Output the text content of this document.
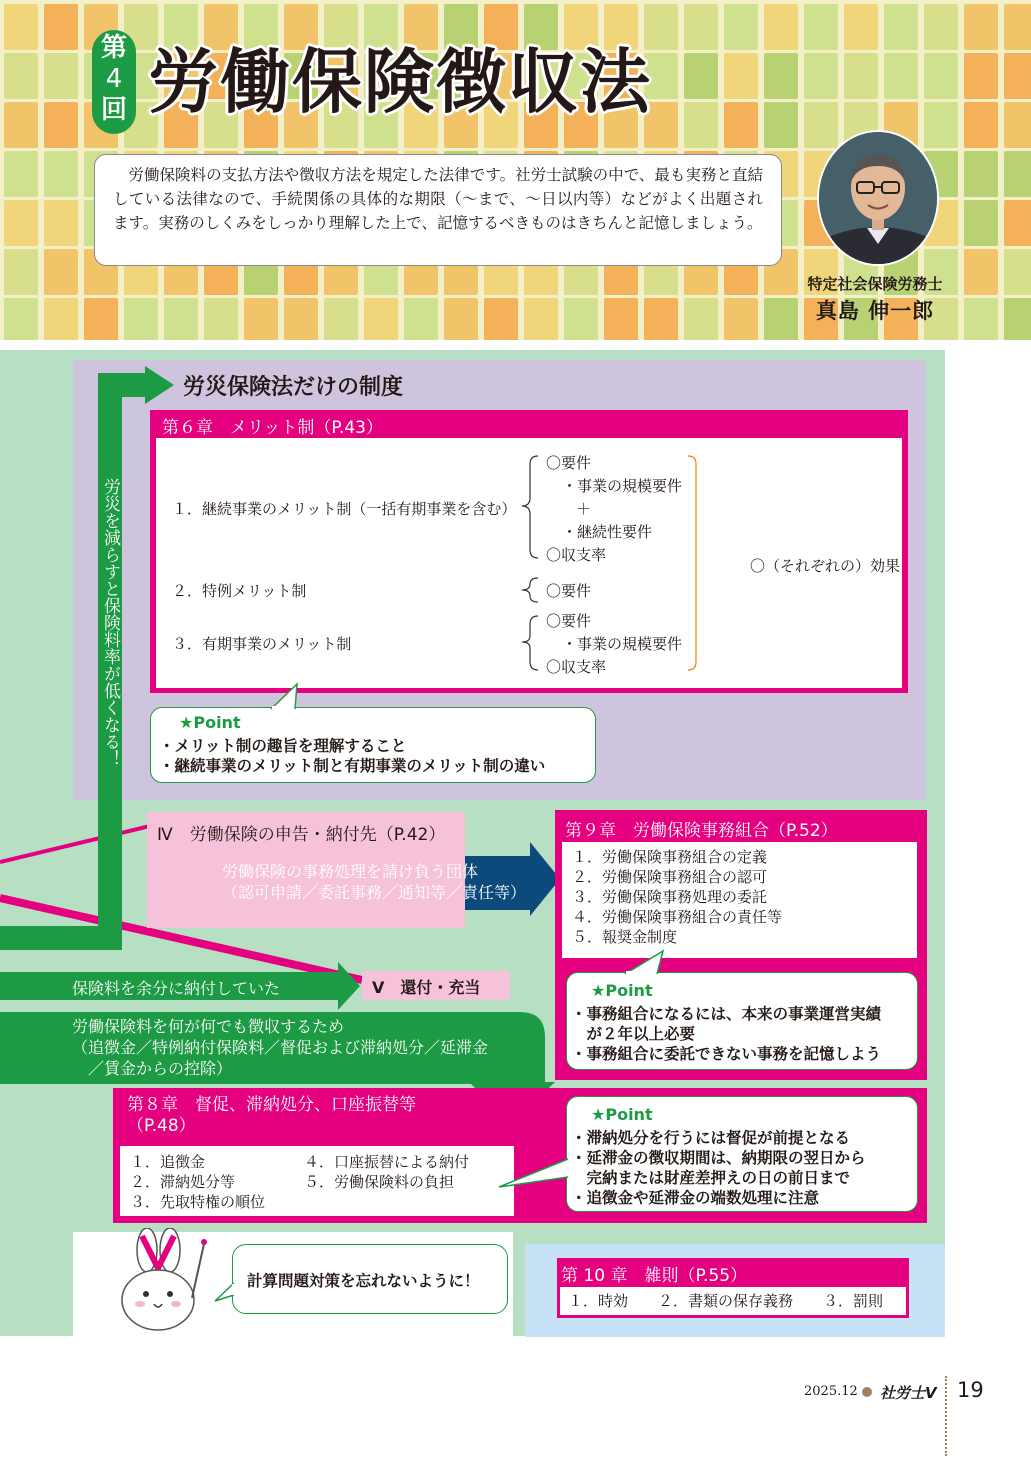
第
4
回 労働保険徴収法
労働保険料の支払方法や徴収方法を規定した法律です。社労士試験の中で、最も実務と直結している法律なので、手続関係の具体的な期限（～まで、～日以内等）などがよく出題されます。実務のしくみをしっかり理解した上で、記憶するべきものはきちんと記憶しましょう。
特定社会保険労務士
真島 伸一郎
労災を減らすと保険料率が低くなる！
労災保険法だけの制度
第６章　メリット制（P.43）
１．継続事業のメリット制（一括有期事業を含む）
２．特例メリット制
３．有期事業のメリット制
〇要件
・事業の規模要件
＋
・継続性要件
〇収支率
〇要件
〇要件
・事業の規模要件
〇収支率
〇（それぞれの）効果
★Point
・メリット制の趣旨を理解すること
・継続事業のメリット制と有期事業のメリット制の違い
Ⅳ　労働保険の申告・納付先（P.42）
労働保険の事務処理を請け負う団体
（認可申請／委託事務／通知等／責任等）
第９章　労働保険事務組合（P.52）
１．労働保険事務組合の定義
２．労働保険事務組合の認可
３．労働保険事務処理の委託
４．労働保険事務組合の責任等
５．報奨金制度
★Point
・事務組合になるには、本来の事業運営実績
　が２年以上必要
・事務組合に委託できない事務を記憶しよう
保険料を余分に納付していた	Ⅴ　還付・充当
労働保険料を何が何でも徴収するため
（追徴金／特例納付保険料／督促および滞納処分／延滞金
　／賃金からの控除）
第８章　督促、滞納処分、口座振替等
（P.48）
１．追徴金
２．滞納処分等
３．先取特権の順位
４．口座振替による納付
５．労働保険料の負担
★Point
・滞納処分を行うには督促が前提となる
・延滞金の徴収期間は、納期限の翌日から
　完納または財産差押えの日の前日まで
・追徴金や延滞金の端数処理に注意
計算問題対策を忘れないように！	第 10 章　雑則（P.55）
１．時効　　２．書類の保存義務　　３．罰則
2025.12 社労士V 19
